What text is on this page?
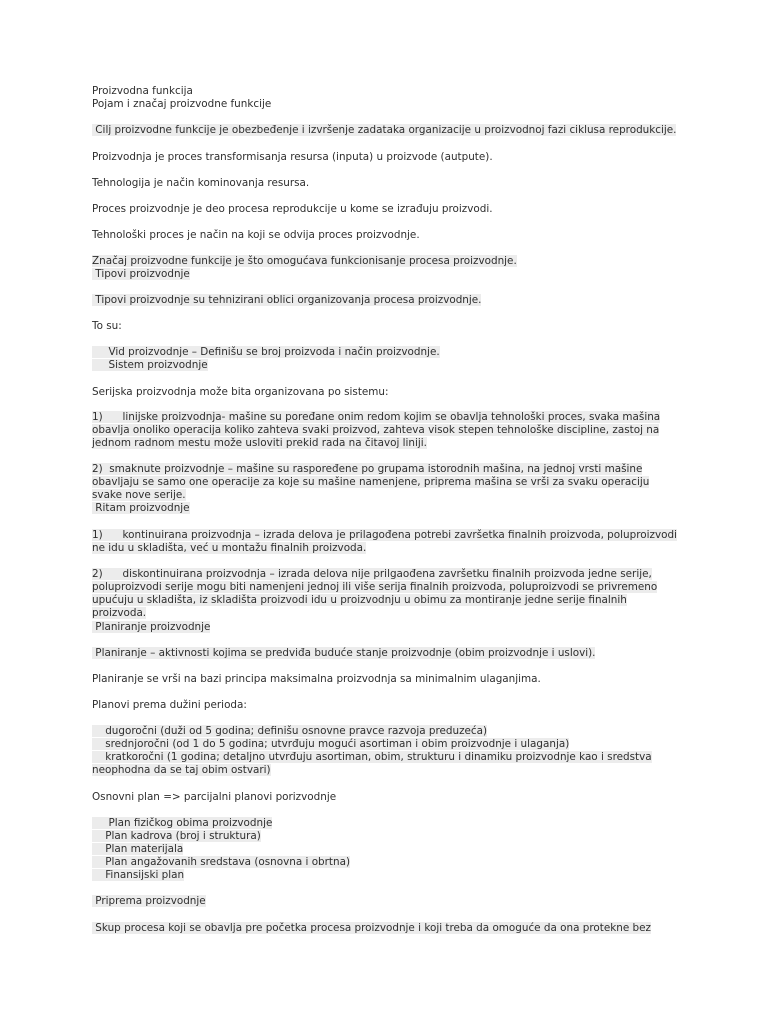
Proizvodna funkcija
Pojam i značaj proizvodne funkcije
Cilj proizvodne funkcije je obezbeđenje i izvršenje zadataka organizacije u proizvodnoj fazi ciklusa reprodukcije.
Proizvodnja je proces transformisanja resursa (inputa) u proizvode (autpute).
Tehnologija je način kominovanja resursa.
Proces proizvodnje je deo procesa reprodukcije u kome se izrađuju proizvodi.
Tehnološki proces je način na koji se odvija proces proizvodnje.
Značaj proizvodne funkcije je što omogućava funkcionisanje procesa proizvodnje.
Tipovi proizvodnje
Tipovi proizvodnje su tehnizirani oblici organizovanja procesa proizvodnje.
To su:
Vid proizvodnje – Definišu se broj proizvoda i način proizvodnje.
Sistem proizvodnje
Serijska proizvodnja može bita organizovana po sistemu:
1)      linijske proizvodnja- mašine su poređane onim redom kojim se obavlja tehnološki proces, svaka mašina
obavlja onoliko operacija koliko zahteva svaki proizvod, zahteva visok stepen tehnološke discipline, zastoj na
jednom radnom mestu može usloviti prekid rada na čitavoj liniji.
2)  smaknute proizvodnje – mašine su raspoređene po grupama istorodnih mašina, na jednoj vrsti mašine
obavljaju se samo one operacije za koje su mašine namenjene, priprema mašina se vrši za svaku operaciju
svake nove serije.
Ritam proizvodnje
1)      kontinuirana proizvodnja – izrada delova je prilagođena potrebi završetka finalnih proizvoda, poluproizvodi
ne idu u skladišta, već u montažu finalnih proizvoda.
2)      diskontinuirana proizvodnja – izrada delova nije prilgaođena završetku finalnih proizvoda jedne serije,
poluproizvodi serije mogu biti namenjeni jednoj ili više serija finalnih proizvoda, poluproizvodi se privremeno
upućuju u skladišta, iz skladišta proizvodi idu u proizvodnju u obimu za montiranje jedne serije finalnih
proizvoda.
Planiranje proizvodnje
Planiranje – aktivnosti kojima se predviđa buduće stanje proizvodnje (obim proizvodnje i uslovi).
Planiranje se vrši na bazi principa maksimalna proizvodnja sa minimalnim ulaganjima.
Planovi prema dužini perioda:
dugoročni (duži od 5 godina; definišu osnovne pravce razvoja preduzeća)
srednjoročni (od 1 do 5 godina; utvrđuju mogući asortiman i obim proizvodnje i ulaganja)
kratkoročni (1 godina; detaljno utvrđuju asortiman, obim, strukturu i dinamiku proizvodnje kao i sredstva
neophodna da se taj obim ostvari)
Osnovni plan => parcijalni planovi porizvodnje
Plan fizičkog obima proizvodnje
Plan kadrova (broj i struktura)
Plan materijala
Plan angažovanih sredstava (osnovna i obrtna)
Finansijski plan
Priprema proizvodnje
Skup procesa koji se obavlja pre početka procesa proizvodnje i koji treba da omoguće da ona protekne bez
